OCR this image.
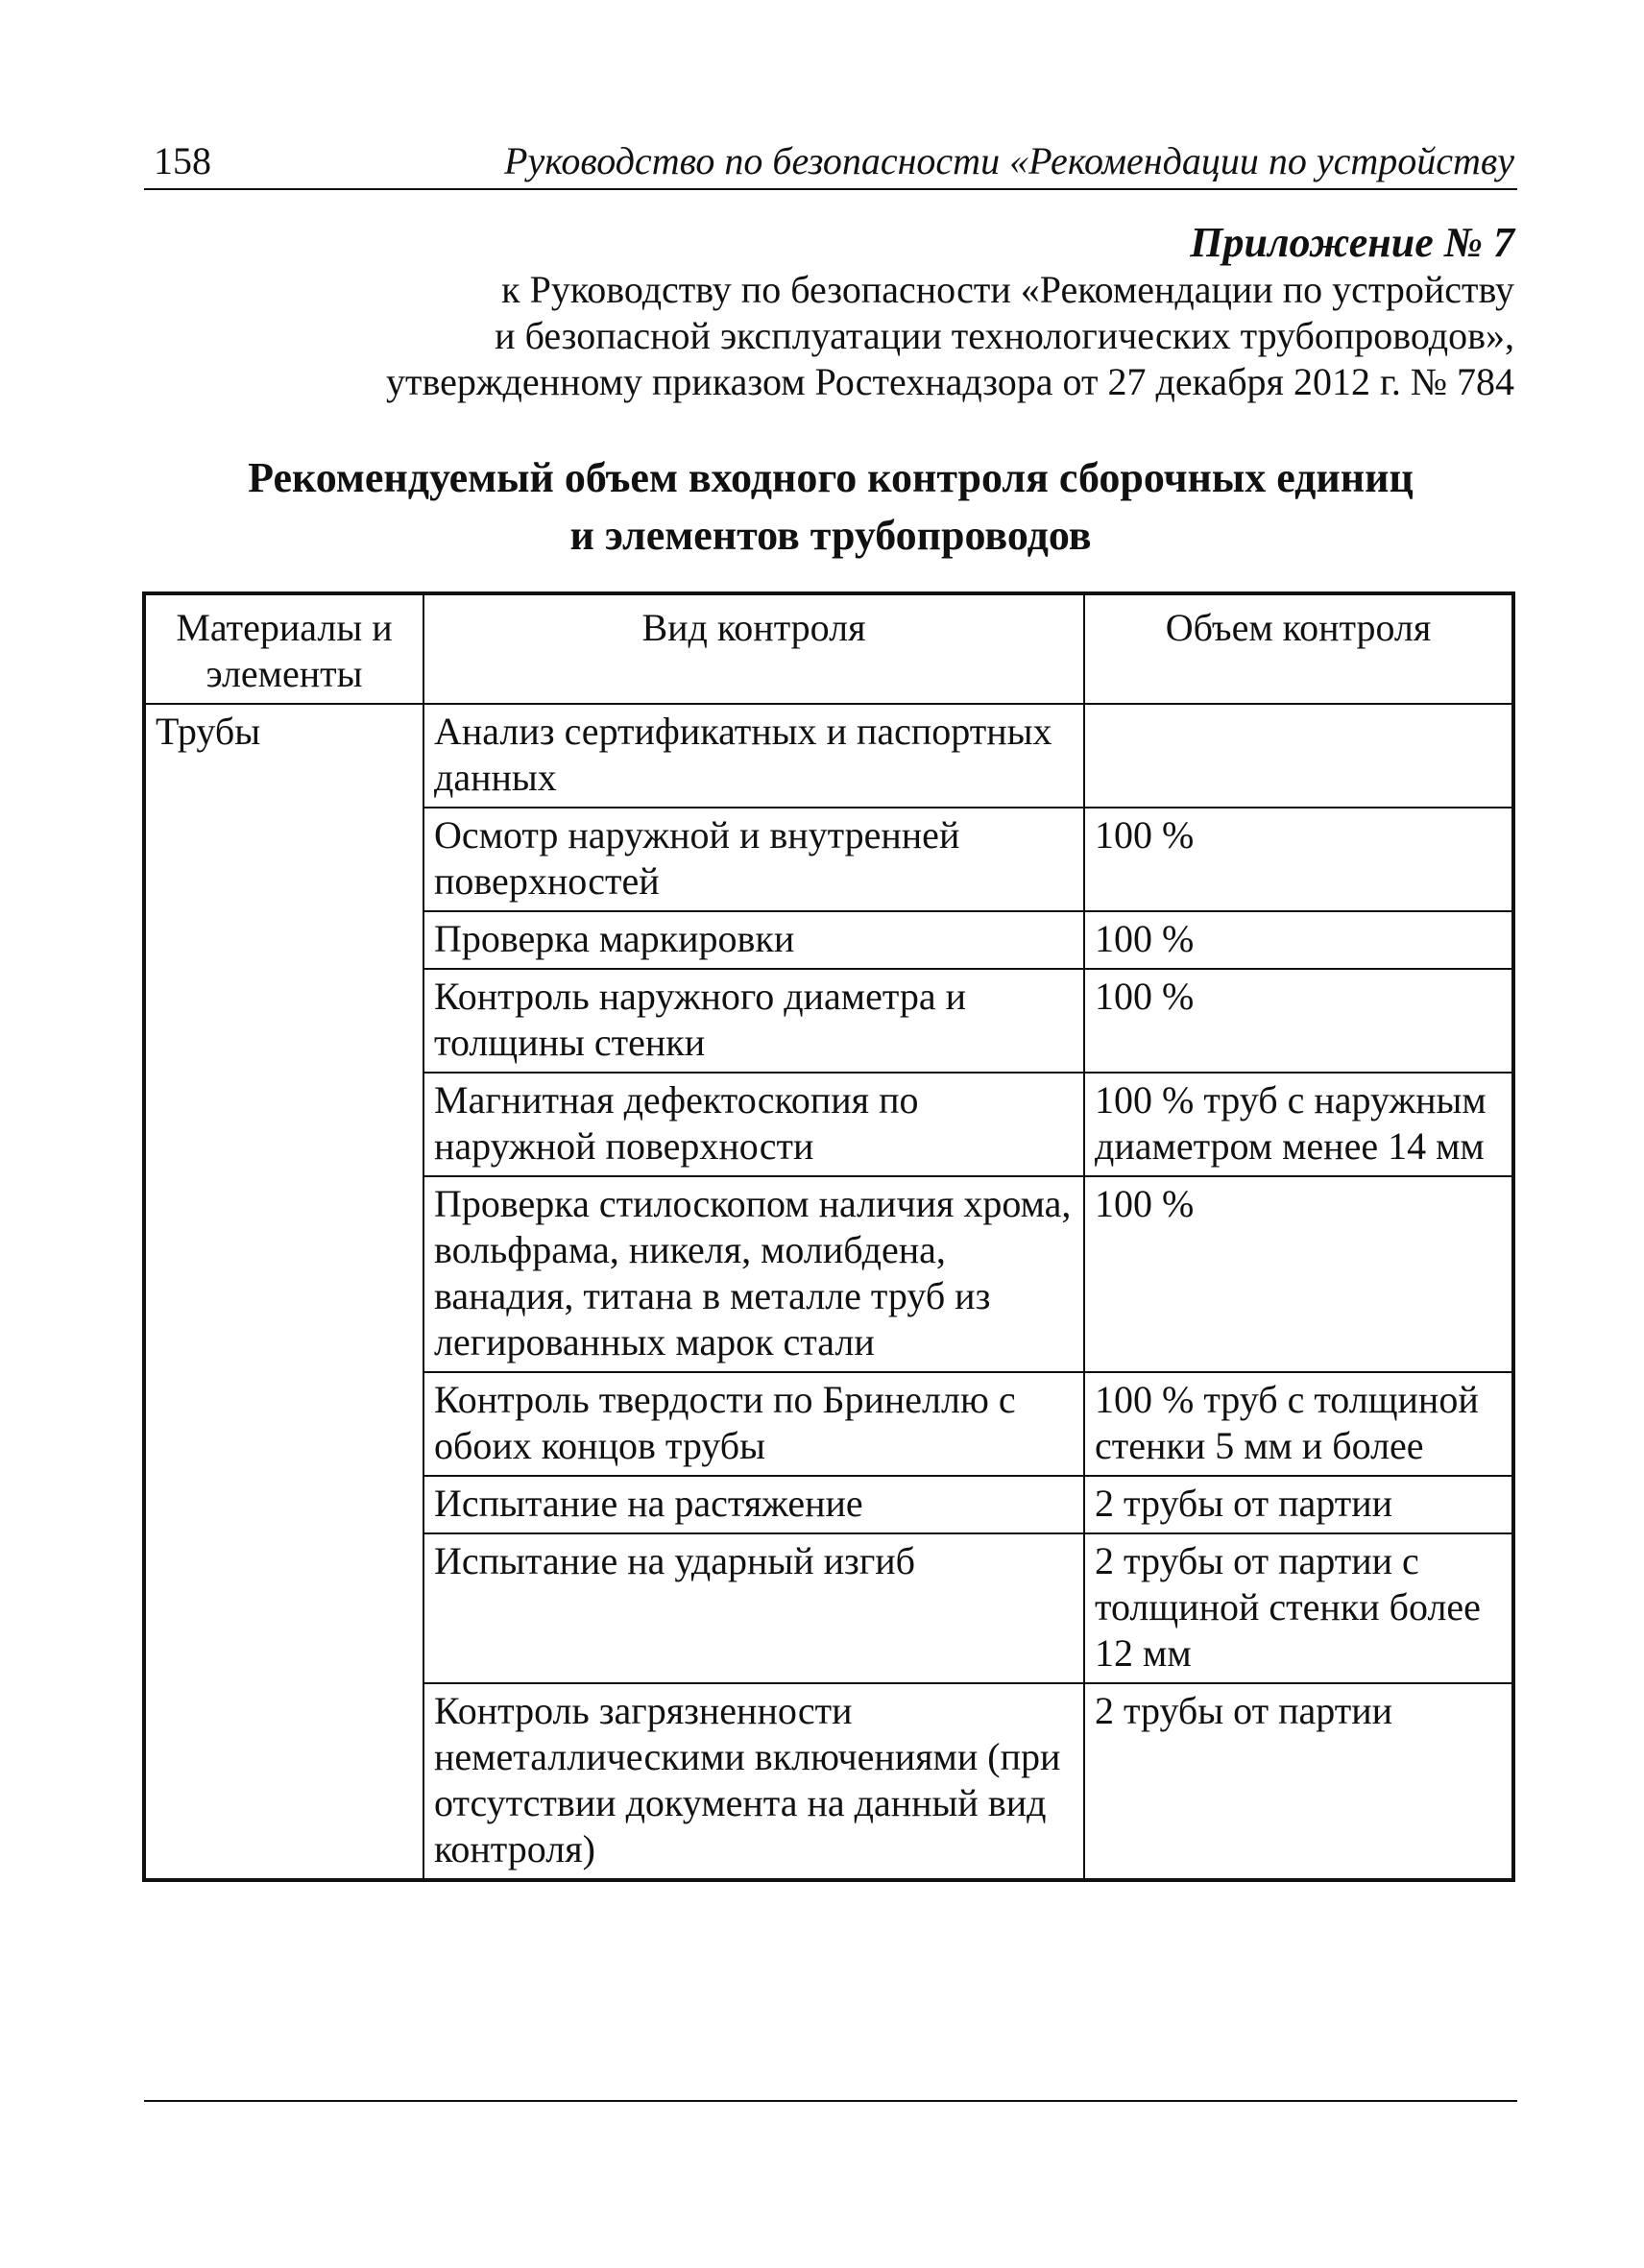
158	Руководство по безопасности «Рекомендации по устройству
Приложение № 7
к Руководству по безопасности «Рекомендации по устройству
и безопасной эксплуатации технологических трубопроводов»,
утвержденному приказом Ростехнадзора от 27 декабря 2012 г. № 784
Рекомендуемый объем входного контроля сборочных единиц
и элементов трубопроводов
Материалы и элементы	Вид контроля	Объем контроля
Трубы	Анализ сертификатных и паспортных данных	
	Осмотр наружной и внутренней поверхностей	100 %
	Проверка маркировки	100 %
	Контроль наружного диаметра и толщины стенки	100 %
	Магнитная дефектоскопия по наружной поверхности	100 % труб с наружным диаметром менее 14 мм
	Проверка стилоскопом наличия хрома, вольфрама, никеля, молибдена, ванадия, титана в металле труб из легированных марок стали	100 %
	Контроль твердости по Бринеллю с обоих концов трубы	100 % труб с толщиной стенки 5 мм и более
	Испытание на растяжение	2 трубы от партии
	Испытание на ударный изгиб	2 трубы от партии с толщиной стенки более 12 мм
	Контроль загрязненности неметаллическими включениями (при отсутствии документа на данный вид контроля)	2 трубы от партии
